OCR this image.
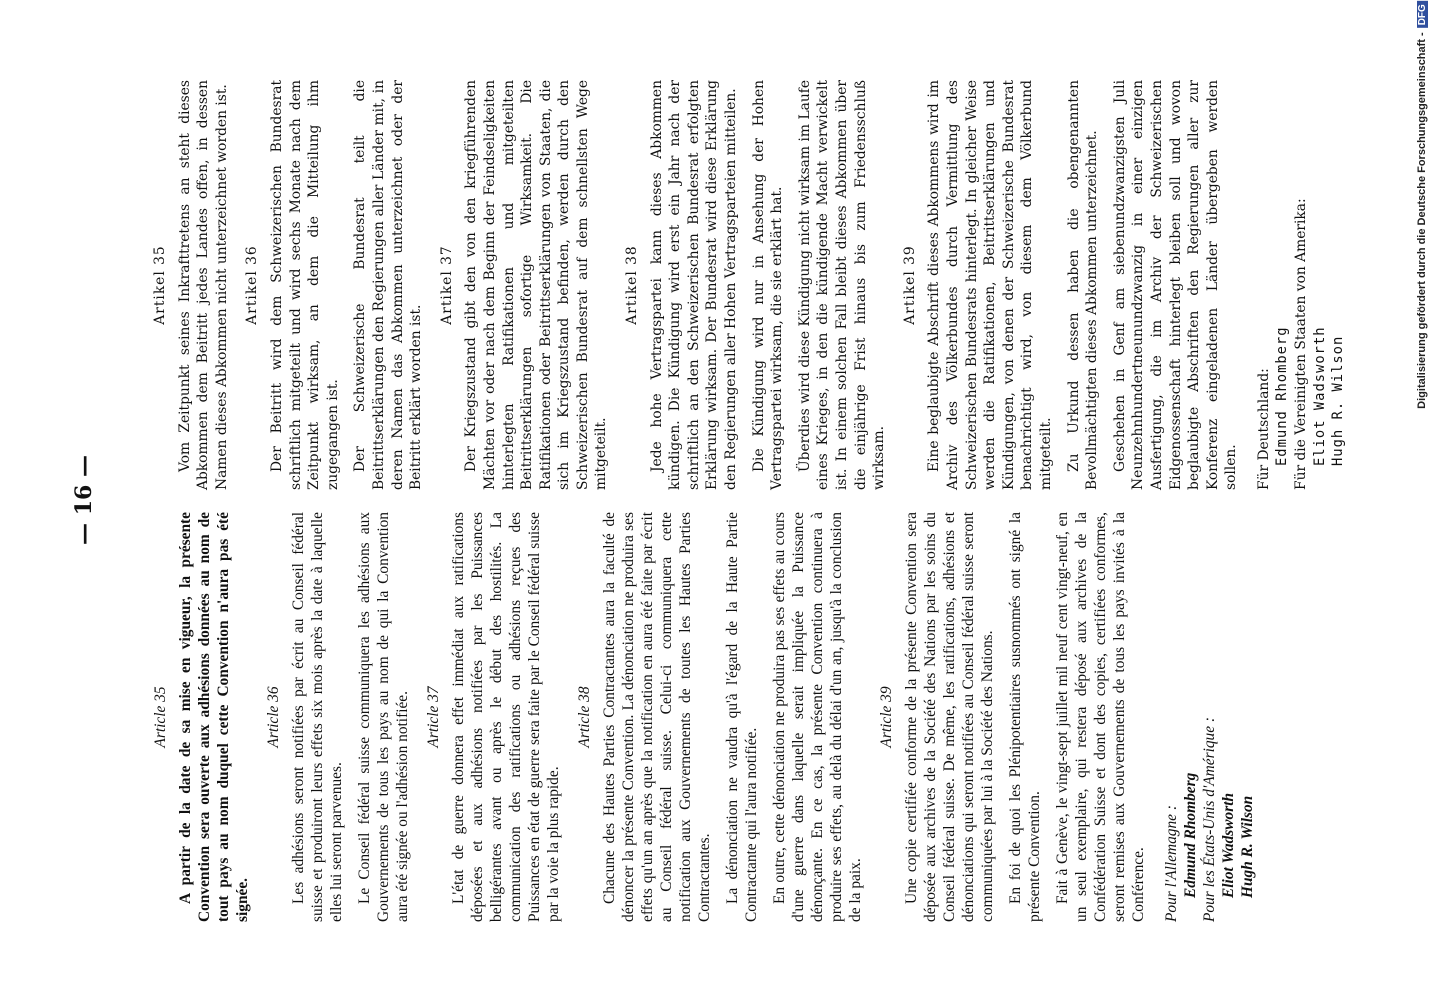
— 16 —
Article 35 A partir de la date de sa mise en vigueur, la présente Convention sera ouverte aux adhésions données au nom de tout pays au nom duquel cette Convention n'aura pas été signée.

Article 36 Les adhésions seront notifiées par écrit au Conseil fédéral suisse et produiront leurs effets six mois après la date à laquelle elles lui seront parvenues. Le Conseil fédéral suisse communiquera les adhésions aux Gouvernements de tous les pays au nom de qui la Convention aura été signée ou l'adhésion notifiée. Article 37 L'état de guerre donnera effet immédiat aux ratifications déposées et aux adhésions notifiées par les Puissances belligérantes avant ou après le début des hostilités. La communication des ratifications ou adhésions reçues des Puissances en état de guerre sera faite par le Conseil fédéral suisse par la voie la plus rapide.

Article 38 Chacune des Hautes Parties Contractantes aura la faculté de dénoncer la présente Convention. La dénonciation ne produira ses effets qu'un an après que la notification en aura été faite par écrit au Conseil fédéral suisse. Celui-ci communiquera cette notification aux Gouvernements de toutes les Hautes Parties Contractantes. La dénonciation ne vaudra qu'à l'égard de la Haute Partie Contractante qui l'aura notifiée. En outre, cette dénonciation ne produira pas ses effets au cours d'une guerre dans laquelle serait impliquée la Puissance dénonçante. En ce cas, la présente Convention continuera à produire ses effets, au delà du délai d'un an, jusqu'à la conclusion de la paix.

Article 39 Une copie certifiée conforme de la présente Convention sera déposée aux archives de la Société des Nations par les soins du Conseil fédéral suisse. De même, les ratifications, adhésions et dénonciations qui seront notifiées au Conseil fédéral suisse seront communiquées par lui à la Société des Nations. En foi de quoi les Plénipotentiaires susnommés ont signé la présente Convention. Fait à Genève, le vingt-sept juillet mil neuf cent vingt-neuf, en un seul exemplaire, qui restera déposé aux archives de la Confédération Suisse et dont des copies, certifiées conformes, seront remises aux Gouvernements de tous les pays invités à la Conférence. Pour l'Allemagne : Edmund Rhomberg Pour les États-Unis d'Amérique : Eliot Wadsworth Hugh R. Wilson
Artikel 35 Vom Zeitpunkt seines Inkrafttretens an steht dieses Abkommen dem Beitritt jedes Landes offen, in dessen Namen dieses Abkommen nicht unterzeichnet worden ist. Artikel 36 Der Beitritt wird dem Schweizerischen Bundesrat schriftlich mitgeteilt und wird sechs Monate nach dem Zeitpunkt wirksam, an dem die Mitteilung ihm zugegangen ist. Der Schweizerische Bundesrat teilt die Beitrittserklärungen den Regierungen aller Länder mit, in deren Namen das Abkommen unterzeichnet oder der Beitritt erklärt worden ist.

Artikel 37 Der Kriegszustand gibt den von den kriegführenden Mächten vor oder nach dem Beginn der Feindseligkeiten hinterlegten Ratifikationen und mitgeteilten Beitrittserklärungen sofortige Wirksamkeit. Die Ratifikationen oder Beitrittserklärungen von Staaten, die sich im Kriegszustand befinden, werden durch den Schweizerischen Bundesrat auf dem schnellsten Wege mitgeteilt.

Artikel 38 Jede hohe Vertragspartei kann dieses Abkommen kündigen. Die Kündigung wird erst ein Jahr nach der schriftlich an den Schweizerischen Bundesrat erfolgten Erklärung wirksam. Der Bundesrat wird diese Erklärung den Regierungen aller Hohen Vertragsparteien mitteilen. Die Kündigung wird nur in Ansehung der Hohen Vertragspartei wirksam, die sie erklärt hat. Überdies wird diese Kündigung nicht wirksam im Laufe eines Krieges, in den die kündigende Macht verwickelt ist. In einem solchen Fall bleibt dieses Abkommen über die einjährige Frist hinaus bis zum Friedensschluß wirksam.

Artikel 39 Eine beglaubigte Abschrift dieses Abkommens wird im Archiv des Völkerbundes durch Vermittlung des Schweizerischen Bundesrats hinterlegt. In gleicher Weise werden die Ratifikationen, Beitrittserklärungen und Kündigungen, von denen der Schweizerische Bundesrat benachrichtigt wird, von diesem dem Völkerbund mitgeteilt. Zu Urkund dessen haben die obengenannten Bevollmächtigten dieses Abkommen unterzeichnet. Geschehen in Genf am siebenundzwanzigsten Juli Neunzehnhundertneunundzwanzig in einer einzigen Ausfertigung, die im Archiv der Schweizerischen Eidgenossenschaft hinterlegt bleiben soll und wovon beglaubigte Abschriften den Regierungen aller zur Konferenz eingeladenen Länder übergeben werden sollen. Für Deutschland: Edmund Rhomberg Für die Vereinigten Staaten von Amerika: Eliot Wadsworth Hugh R. Wilson	Digitalisierung gefördert durch die Deutsche Forschungsgemeinschaft -DFG
